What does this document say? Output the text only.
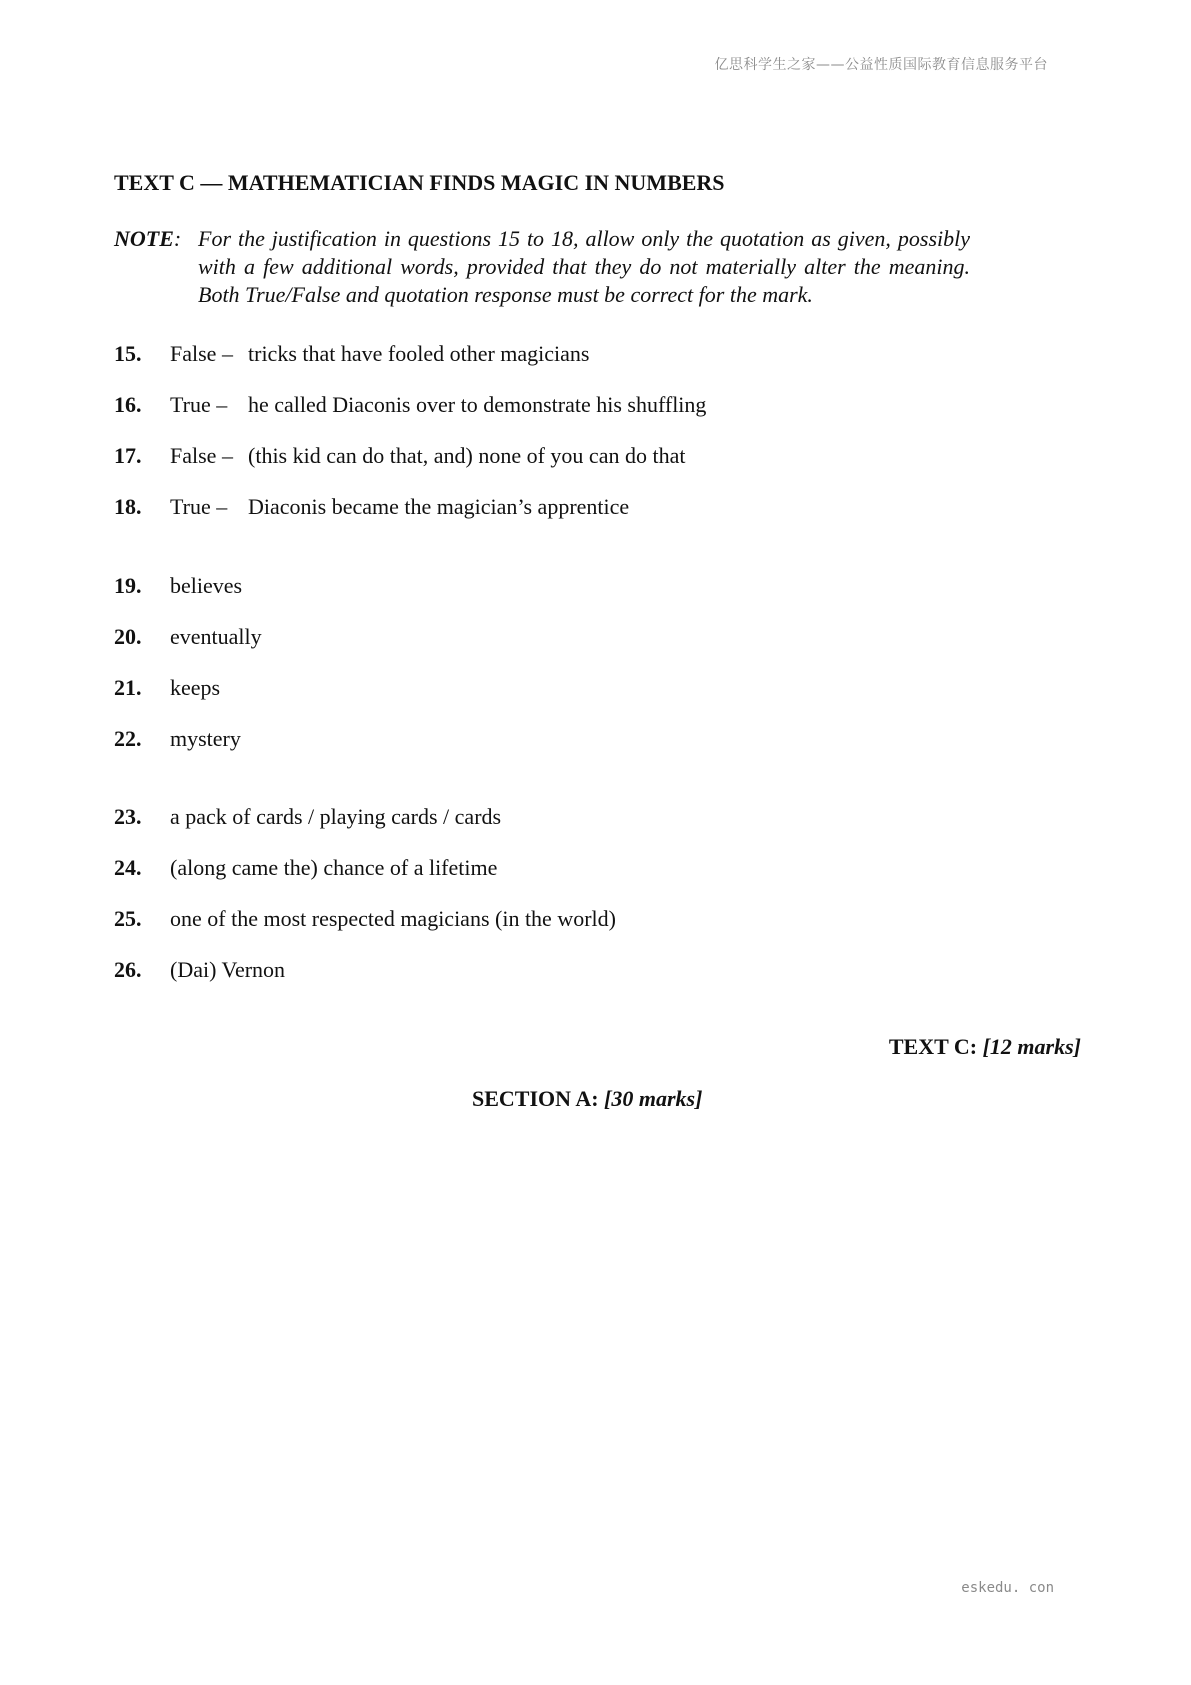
亿思科学生之家——公益性质国际教育信息服务平台
TEXT C — MATHEMATICIAN FINDS MAGIC IN NUMBERS
NOTE: For the justification in questions 15 to 18, allow only the quotation as given, possibly with a few additional words, provided that they do not materially alter the meaning. Both True/False and quotation response must be correct for the mark.
15. False – tricks that have fooled other magicians
16. True – he called Diaconis over to demonstrate his shuffling
17. False – (this kid can do that, and) none of you can do that
18. True – Diaconis became the magician’s apprentice
19. believes
20. eventually
21. keeps
22. mystery
23. a pack of cards / playing cards / cards
24. (along came the) chance of a lifetime
25. one of the most respected magicians (in the world)
26. (Dai) Vernon
TEXT C: [12 marks]
SECTION A: [30 marks]
eskedu. con
